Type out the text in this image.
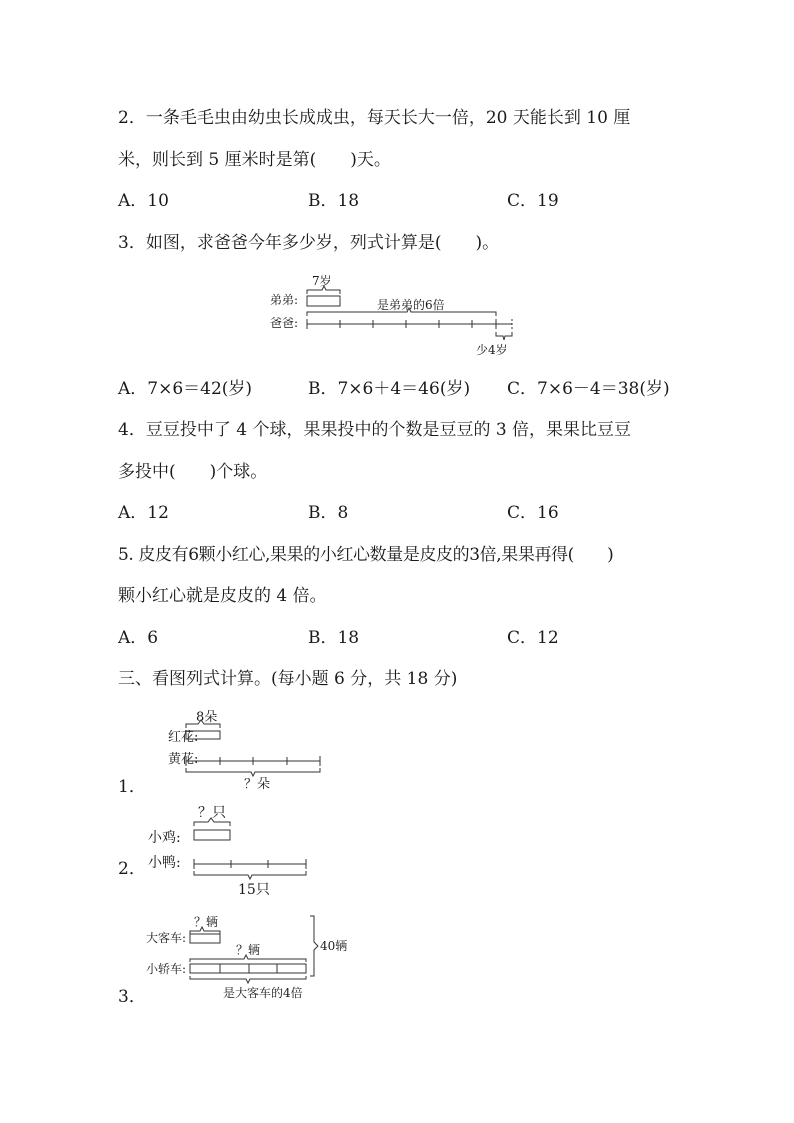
2．一条毛毛虫由幼虫长成成虫，每天长大一倍，20 天能长到 10 厘
米，则长到 5 厘米时是第(　　)天。
A．10	B．18	C．19
3．如图，求爸爸今年多少岁，列式计算是(　　)。
弟弟:
爸爸:
7岁
是弟弟的6倍
少4岁
A．7×6＝42(岁)	B．7×6＋4＝46(岁) C．7×6－4＝38(岁)
4．豆豆投中了 4 个球，果果投中的个数是豆豆的 3 倍，果果比豆豆
多投中(　　)个球。
A．12	B．8	C．16
5. 皮皮有6颗小红心,果果的小红心数量是皮皮的3倍,果果再得(　　)
颗小红心就是皮皮的 4 倍。
A．6	B．18	C．12
三、看图列式计算。(每小题 6 分，共 18 分)
8朵
红花:
黄花:
？朵
1．
？只
小鸡:
小鸭:
15只
2．
？辆
大客车:
？辆
小轿车:
是大客车的4倍
40辆
3．
